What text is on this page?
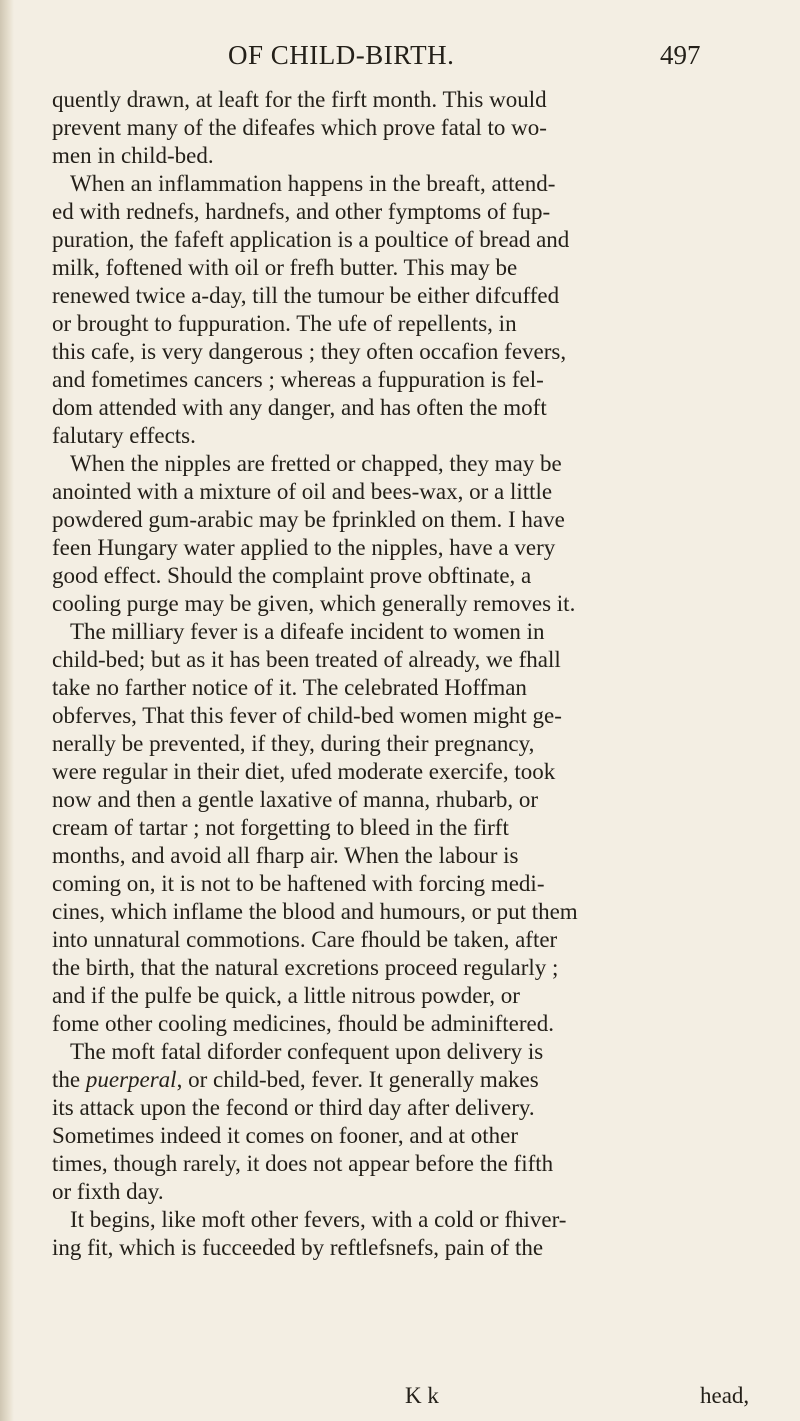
OF CHILD-BIRTH.	497
quently drawn, at leaft for the firft month. This would
prevent many of the difeafes which prove fatal to wo-
men in child-bed.
When an inflammation happens in the breaft, attend-
ed with rednefs, hardnefs, and other fymptoms of fup-
puration, the fafeft application is a poultice of bread and
milk, foftened with oil or frefh butter. This may be
renewed twice a-day, till the tumour be either difcuffed
or brought to fuppuration. The ufe of repellents, in
this cafe, is very dangerous ; they often occafion fevers,
and fometimes cancers ; whereas a fuppuration is fel-
dom attended with any danger, and has often the moft
falutary effects.
When the nipples are fretted or chapped, they may be
anointed with a mixture of oil and bees-wax, or a little
powdered gum-arabic may be fprinkled on them. I have
feen Hungary water applied to the nipples, have a very
good effect. Should the complaint prove obftinate, a
cooling purge may be given, which generally removes it.
The milliary fever is a difeafe incident to women in
child-bed; but as it has been treated of already, we fhall
take no farther notice of it. The celebrated Hoffman
obferves, That this fever of child-bed women might ge-
nerally be prevented, if they, during their pregnancy,
were regular in their diet, ufed moderate exercife, took
now and then a gentle laxative of manna, rhubarb, or
cream of tartar ; not forgetting to bleed in the firft
months, and avoid all fharp air. When the labour is
coming on, it is not to be haftened with forcing medi-
cines, which inflame the blood and humours, or put them
into unnatural commotions. Care fhould be taken, after
the birth, that the natural excretions proceed regularly ;
and if the pulfe be quick, a little nitrous powder, or
fome other cooling medicines, fhould be adminiftered.
The moft fatal diforder confequent upon delivery is
the puerperal, or child-bed, fever. It generally makes
its attack upon the fecond or third day after delivery.
Sometimes indeed it comes on fooner, and at other
times, though rarely, it does not appear before the fifth
or fixth day.
It begins, like moft other fevers, with a cold or fhiver-
ing fit, which is fucceeded by reftlefsnefs, pain of the
K k	head,
